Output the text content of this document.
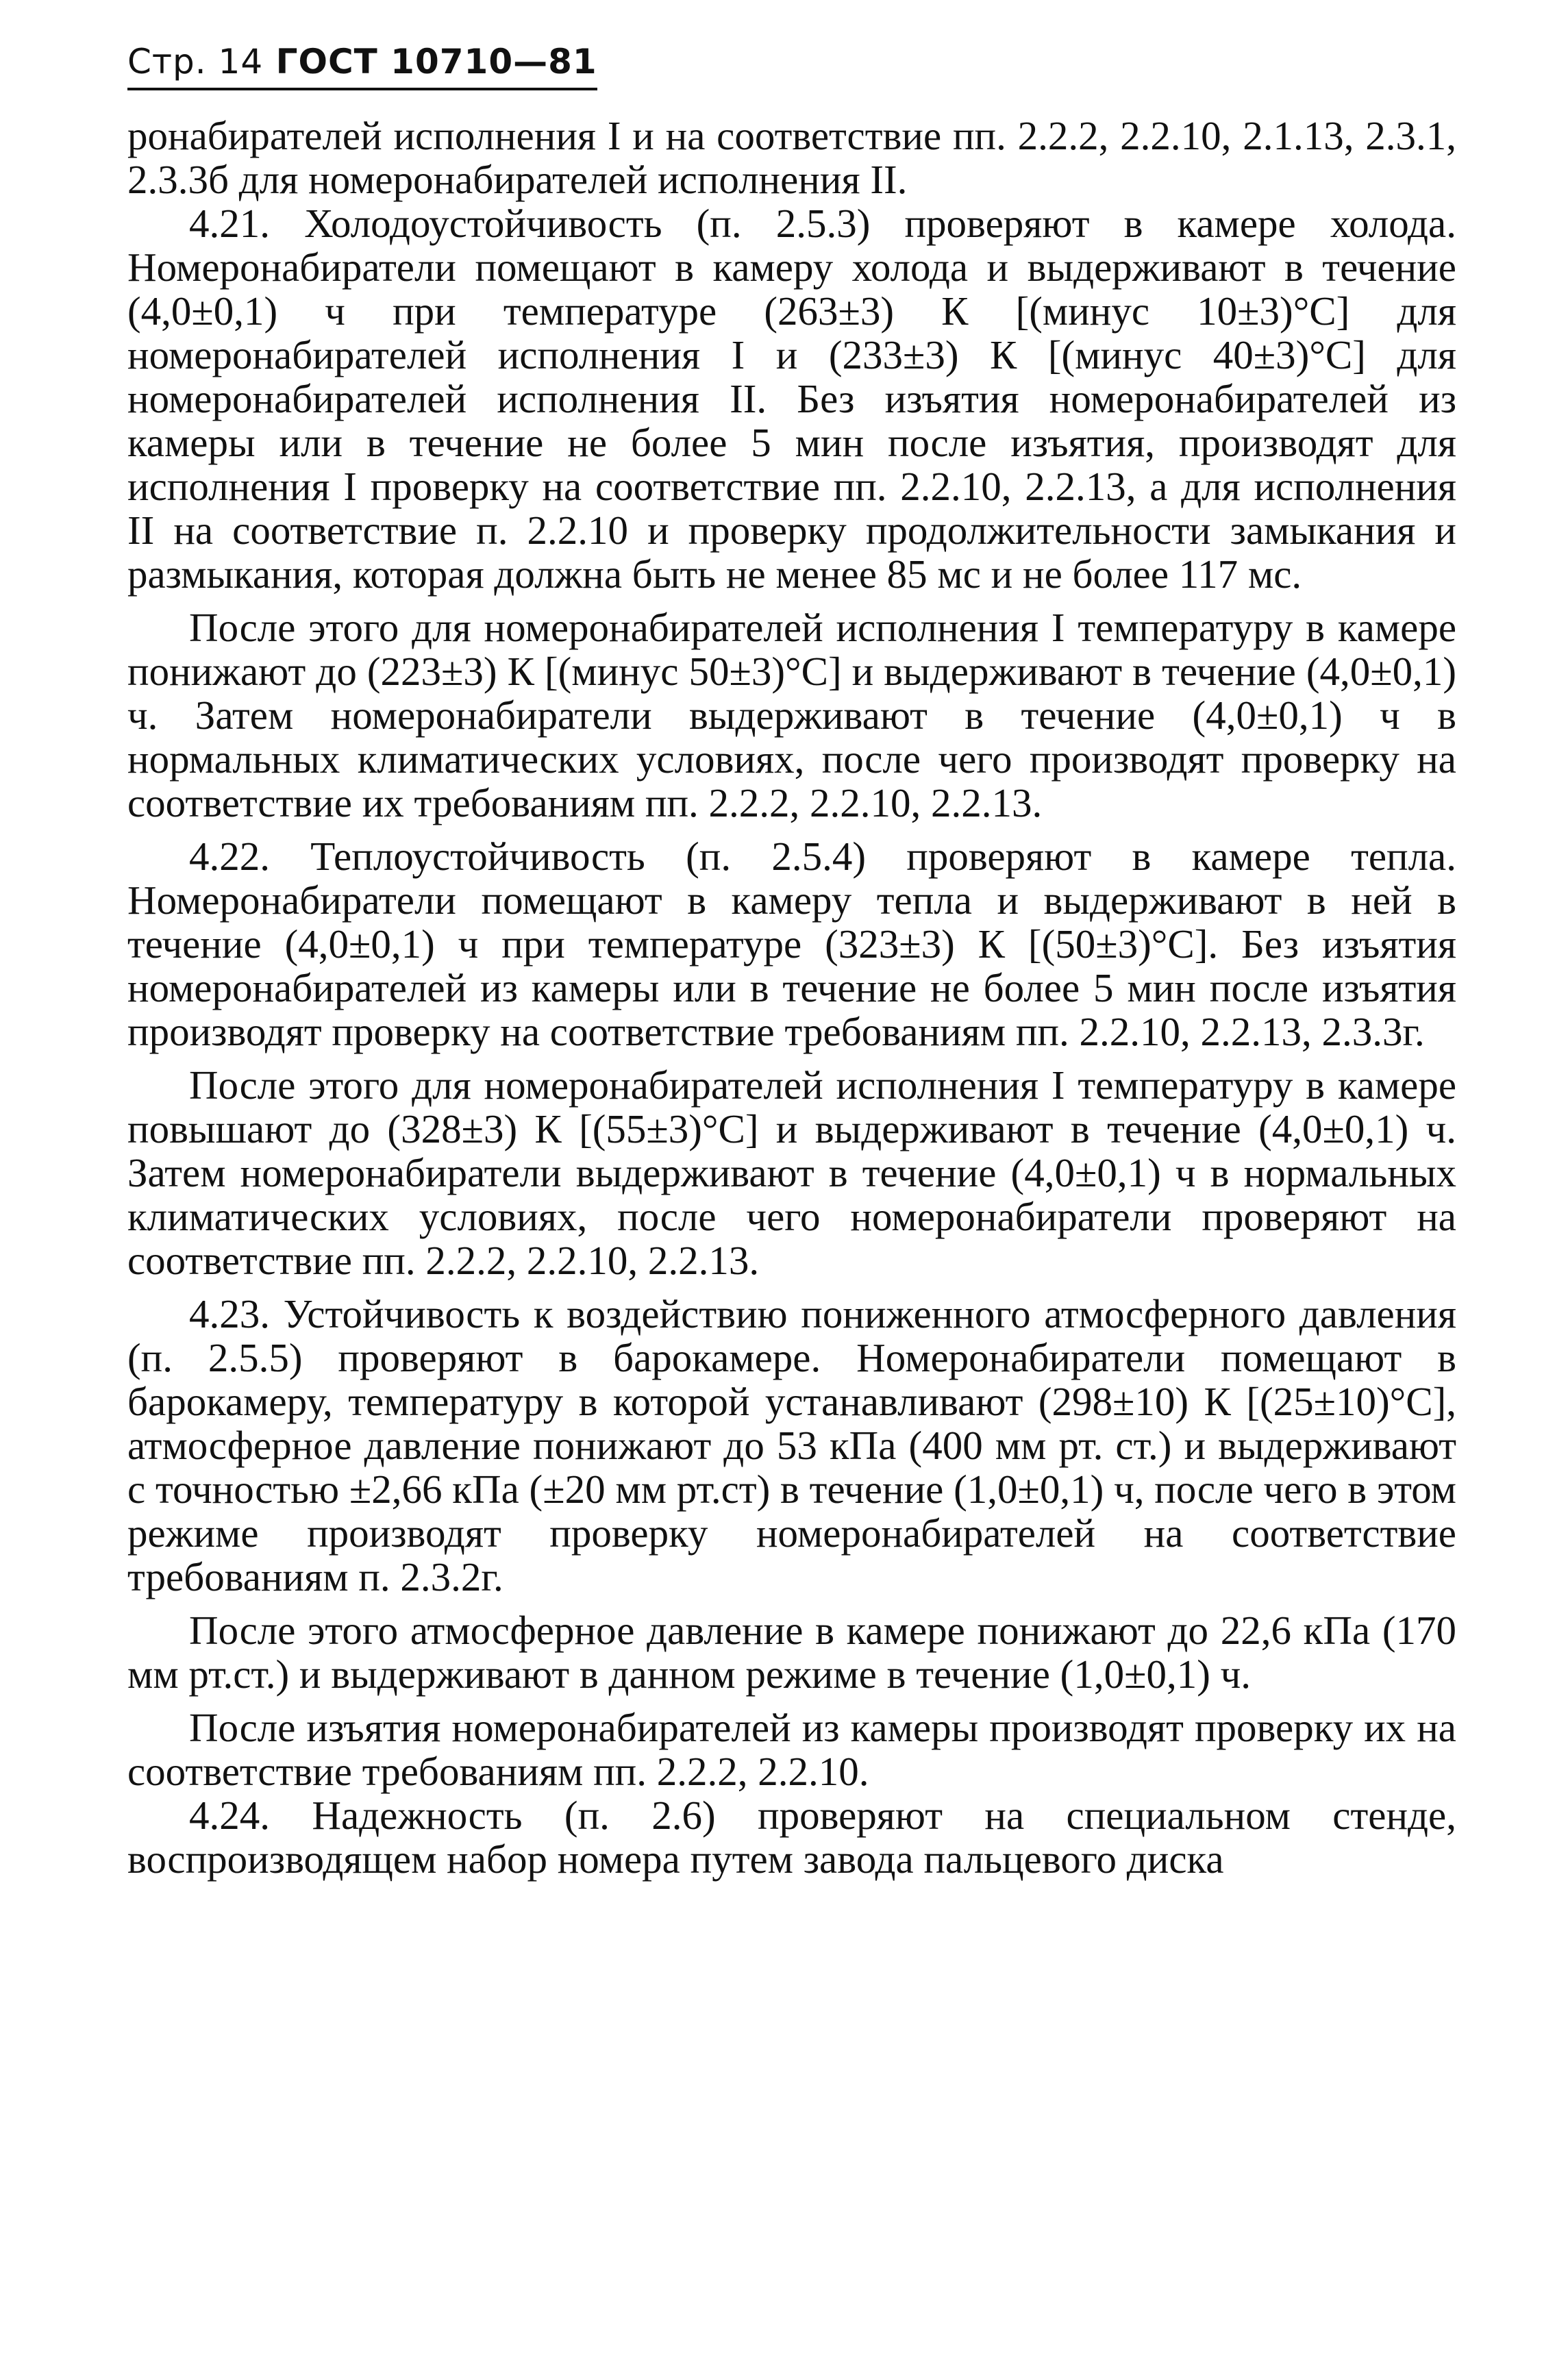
Стр. 14 ГОСТ 10710—81

ронабирателей исполнения I и на соответствие пп. 2.2.2, 2.2.10, 2.1.13, 2.3.1, 2.3.3б для номеронабирателей исполнения II.

4.21. Холодоустойчивость (п. 2.5.3) проверяют в камере холода. Номеронабиратели помещают в камеру холода и выдерживают в течение (4,0±0,1) ч при температуре (263±3) К [(минус 10±3)°С] для номеронабирателей исполнения I и (233±3) К [(минус 40±3)°С] для номеронабирателей исполнения II. Без изъятия номеронабирателей из камеры или в течение не более 5 мин после изъятия, производят для исполнения I проверку на соответствие пп. 2.2.10, 2.2.13, а для исполнения II на соответствие п. 2.2.10 и проверку продолжительности замыкания и размыкания, которая должна быть не менее 85 мс и не более 117 мс.

После этого для номеронабирателей исполнения I температуру в камере понижают до (223±3) К [(минус 50±3)°С] и выдерживают в течение (4,0±0,1) ч. Затем номеронабиратели выдерживают в течение (4,0±0,1) ч в нормальных климатических условиях, после чего производят проверку на соответствие их требованиям пп. 2.2.2, 2.2.10, 2.2.13.

4.22. Теплоустойчивость (п. 2.5.4) проверяют в камере тепла. Номеронабиратели помещают в камеру тепла и выдерживают в ней в течение (4,0±0,1) ч при температуре (323±3) К [(50±3)°С]. Без изъятия номеронабирателей из камеры или в течение не более 5 мин после изъятия производят проверку на соответствие требованиям пп. 2.2.10, 2.2.13, 2.3.3г.

После этого для номеронабирателей исполнения I температуру в камере повышают до (328±3) К [(55±3)°С] и выдерживают в течение (4,0±0,1) ч. Затем номеронабиратели выдерживают в течение (4,0±0,1) ч в нормальных климатических условиях, после чего номеронабиратели проверяют на соответствие пп. 2.2.2, 2.2.10, 2.2.13.

4.23. Устойчивость к воздействию пониженного атмосферного давления (п. 2.5.5) проверяют в барокамере. Номеронабиратели помещают в барокамеру, температуру в которой устанавливают (298±10) К [(25±10)°С], атмосферное давление понижают до 53 кПа (400 мм рт. ст.) и выдерживают с точностью ±2,66 кПа (±20 мм рт.ст) в течение (1,0±0,1) ч, после чего в этом режиме производят проверку номеронабирателей на соответствие требованиям п. 2.3.2г.

После этого атмосферное давление в камере понижают до 22,6 кПа (170 мм рт.ст.) и выдерживают в данном режиме в течение (1,0±0,1) ч.

После изъятия номеронабирателей из камеры производят проверку их на соответствие требованиям пп. 2.2.2, 2.2.10.

4.24. Надежность (п. 2.6) проверяют на специальном стенде, воспроизводящем набор номера путем завода пальцевого диска
